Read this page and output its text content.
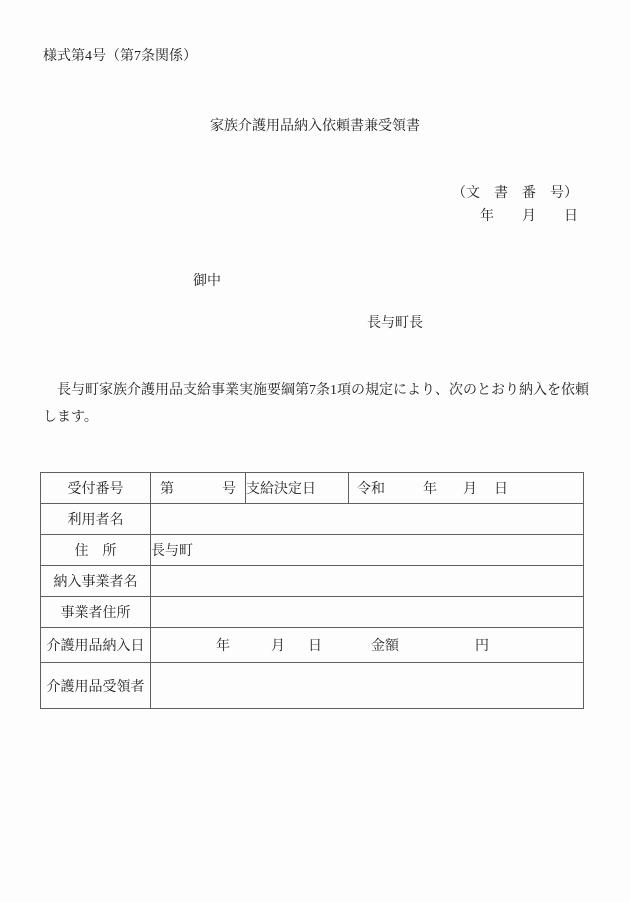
様式第4号（第7条関係）
家族介護用品納入依頼書兼受領書
（文　書　番　号）
年　　月　　日
御中
長与町長
長与町家族介護用品支給事業実施要綱第7条1項の規定により、次のとおり納入を依頼
します。
受付番号	第 号	支給決定日	令和 年 月 日

利用者名			
住　所	長与町		
納入事業者名			
事業者住所			
介護用品納入日	年 月 日 金額 円		

介護用品受領者			
